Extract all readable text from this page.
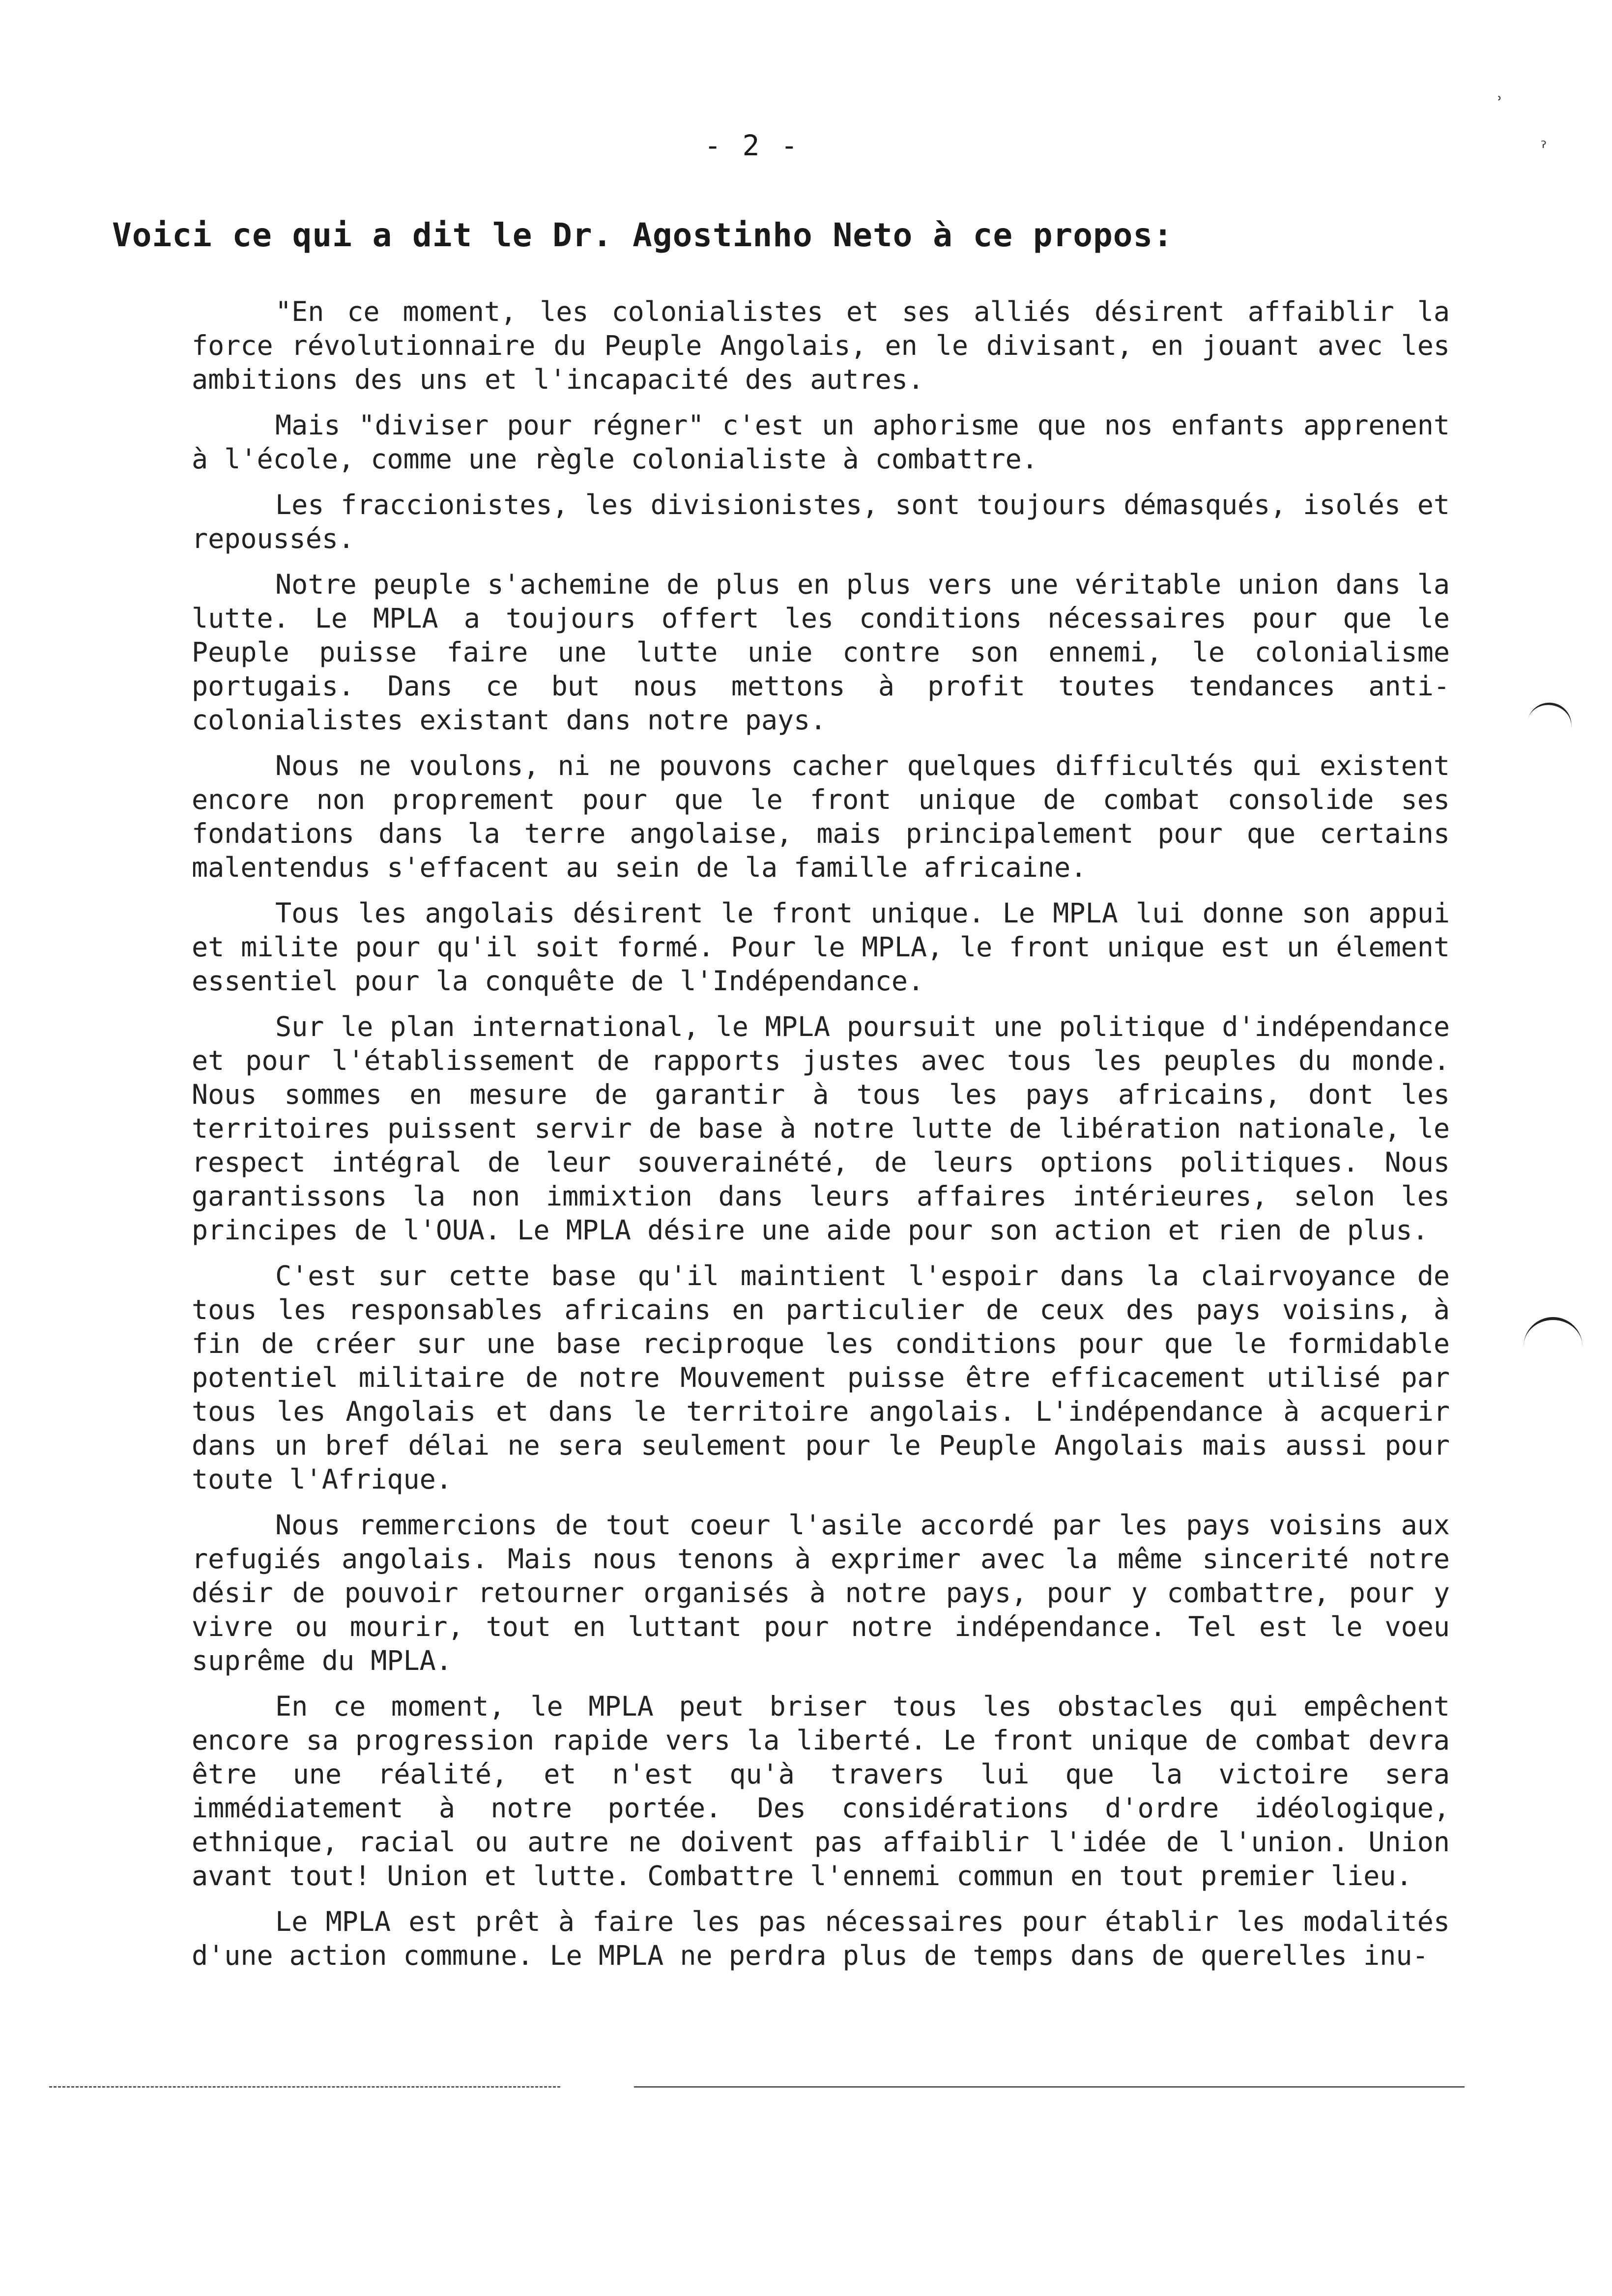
ʾ
ˀ

- 2 -

Voici ce qui a dit le Dr. Agostinho Neto à ce propos:

"En ce moment, les colonialistes et ses alliés désirent affaiblir la force révolutionnaire du Peuple Angolais, en le divisant, en jouant avec les ambitions des uns et l'incapacité des autres.

Mais "diviser pour régner" c'est un aphorisme que nos enfants apprenent à l'école, comme une règle colonialiste à combattre.

Les fraccionistes, les divisionistes, sont toujours démasqués, isolés et repoussés.

Notre peuple s'achemine de plus en plus vers une véritable union dans la lutte. Le MPLA a toujours offert les conditions nécessaires pour que le Peuple puisse faire une lutte unie contre son ennemi, le colonialisme portugais. Dans ce but nous mettons à profit toutes tendances anti-colonialistes existant dans notre pays.

Nous ne voulons, ni ne pouvons cacher quelques difficultés qui existent encore non proprement pour que le front unique de combat consolide ses fondations dans la terre angolaise, mais principalement pour que certains malentendus s'effacent au sein de la famille africaine.

Tous les angolais désirent le front unique. Le MPLA lui donne son appui et milite pour qu'il soit formé. Pour le MPLA, le front unique est un élement essentiel pour la conquête de l'Indépendance.

Sur le plan international, le MPLA poursuit une politique d'indépendance et pour l'établissement de rapports justes avec tous les peuples du monde. Nous sommes en mesure de garantir à tous les pays africains, dont les territoires puissent servir de base à notre lutte de libération nationale, le respect intégral de leur souverainété, de leurs options politiques. Nous garantissons la non immixtion dans leurs affaires intérieures, selon les principes de l'OUA. Le MPLA désire une aide pour son action et rien de plus.

C'est sur cette base qu'il maintient l'espoir dans la clairvoyance de tous les responsables africains en particulier de ceux des pays voisins, à fin de créer sur une base reciproque les conditions pour que le formidable potentiel militaire de notre Mouvement puisse être efficacement utilisé par tous les Angolais et dans le territoire angolais. L'indépendance à acquerir dans un bref délai ne sera seulement pour le Peuple Angolais mais aussi pour toute l'Afrique.

Nous remmercions de tout coeur l'asile accordé par les pays voisins aux refugiés angolais. Mais nous tenons à exprimer avec la même sincerité notre désir de pouvoir retourner organisés à notre pays, pour y combattre, pour y vivre ou mourir, tout en luttant pour notre indépendance. Tel est le voeu suprême du MPLA.

En ce moment, le MPLA peut briser tous les obstacles qui empêchent encore sa progression rapide vers la liberté. Le front unique de combat devra être une réalité, et n'est qu'à travers lui que la victoire sera immédiatement à notre portée. Des considérations d'ordre idéologique, ethnique, racial ou autre ne doivent pas affaiblir l'idée de l'union. Union avant tout! Union et lutte. Combattre l'ennemi commun en tout premier lieu.

Le MPLA est prêt à faire les pas nécessaires pour établir les modalités d'une action commune. Le MPLA ne perdra plus de temps dans de querelles inu-
